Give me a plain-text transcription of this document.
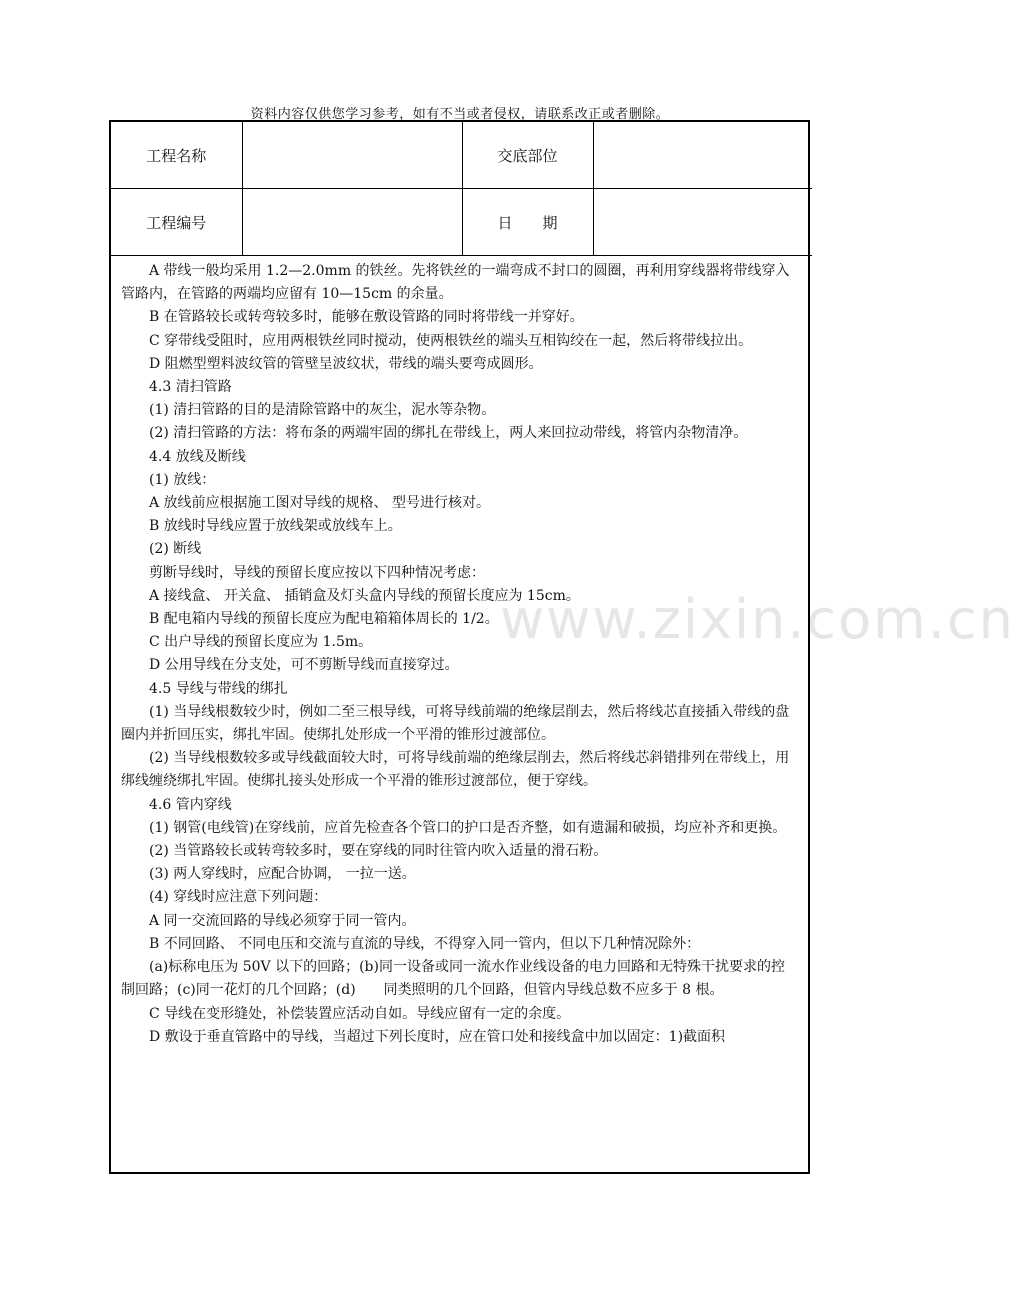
资料内容仅供您学习参考，如有不当或者侵权，请联系改正或者删除。
www.zixin.com.cn
工程名称		交底部位	
工程编号		日　　期	

A 带线一般均采用 1.2—2.0mm 的铁丝。先将铁丝的一端弯成不封口的圆圈，再利用穿线器将带线穿入管路内，在管路的两端均应留有 10—15cm 的余量。

B 在管路较长或转弯较多时，能够在敷设管路的同时将带线一并穿好。

C 穿带线受阻时，应用两根铁丝同时搅动，使两根铁丝的端头互相钩绞在一起，然后将带线拉出。

D 阻燃型塑料波纹管的管壁呈波纹状，带线的端头要弯成圆形。

4.3 清扫管路

(1) 清扫管路的目的是清除管路中的灰尘，泥水等杂物。

(2) 清扫管路的方法：将布条的两端牢固的绑扎在带线上，两人来回拉动带线，将管内杂物清净。

4.4 放线及断线

(1) 放线：

A 放线前应根据施工图对导线的规格、 型号进行核对。

B 放线时导线应置于放线架或放线车上。

(2) 断线

剪断导线时，导线的预留长度应按以下四种情况考虑：

A 接线盒、 开关盒、 插销盒及灯头盒内导线的预留长度应为 15cm。

B 配电箱内导线的预留长度应为配电箱箱体周长的 1/2。

C 出户导线的预留长度应为 1.5m。

D 公用导线在分支处，可不剪断导线而直接穿过。

4.5 导线与带线的绑扎

(1) 当导线根数较少时，例如二至三根导线，可将导线前端的绝缘层削去，然后将线芯直接插入带线的盘圈内并折回压实，绑扎牢固。使绑扎处形成一个平滑的锥形过渡部位。

(2) 当导线根数较多或导线截面较大时，可将导线前端的绝缘层削去，然后将线芯斜错排列在带线上，用绑线缠绕绑扎牢固。使绑扎接头处形成一个平滑的锥形过渡部位，便于穿线。

4.6 管内穿线

(1) 钢管(电线管)在穿线前，应首先检查各个管口的护口是否齐整，如有遗漏和破损，均应补齐和更换。

(2) 当管路较长或转弯较多时，要在穿线的同时往管内吹入适量的滑石粉。

(3) 两人穿线时，应配合协调， 一拉一送。

(4) 穿线时应注意下列问题：

A 同一交流回路的导线必须穿于同一管内。

B 不同回路、 不同电压和交流与直流的导线，不得穿入同一管内，但以下几种情况除外：

(a)标称电压为 50V 以下的回路；(b)同一设备或同一流水作业线设备的电力回路和无特殊干扰要求的控制回路；(c)同一花灯的几个回路；(d)　　同类照明的几个回路，但管内导线总数不应多于 8 根。

C 导线在变形缝处，补偿装置应活动自如。导线应留有一定的余度。

D 敷设于垂直管路中的导线，当超过下列长度时，应在管口处和接线盒中加以固定：1)截面积
